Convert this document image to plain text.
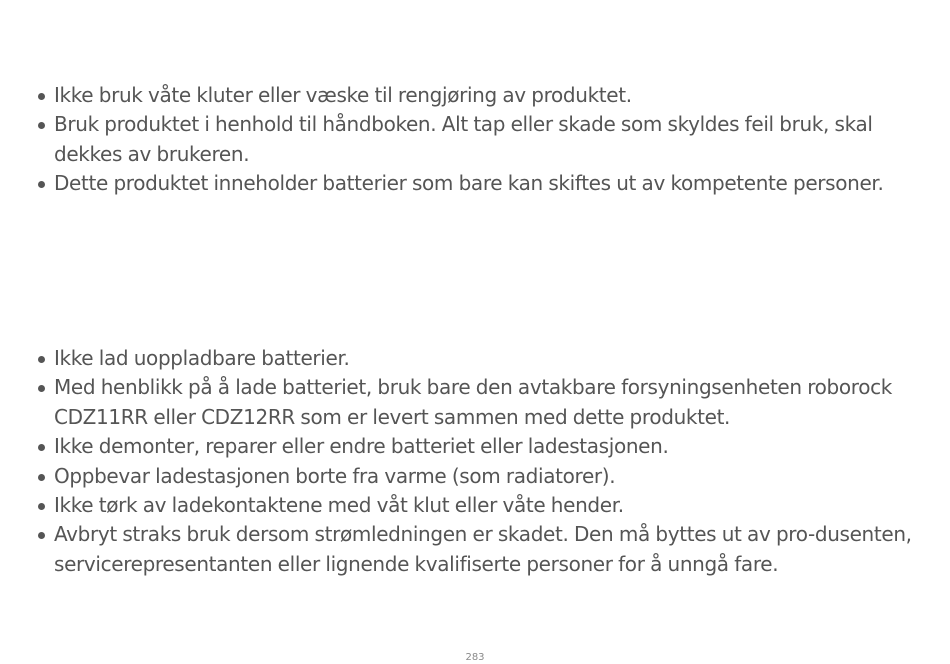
Ikke bruk våte kluter eller væske til rengjøring av produktet.
Bruk produktet i henhold til håndboken. Alt tap eller skade som skyldes feil bruk, skal dekkes av brukeren.
Dette produktet inneholder batterier som bare kan skiftes ut av kompetente personer.
Ikke lad uoppladbare batterier.
Med henblikk på å lade batteriet, bruk bare den avtakbare forsyningsenheten roborock CDZ11RR eller CDZ12RR som er levert sammen med dette produktet.
Ikke demonter, reparer eller endre batteriet eller ladestasjonen.
Oppbevar ladestasjonen borte fra varme (som radiatorer).
Ikke tørk av ladekontaktene med våt klut eller våte hender.
Avbryt straks bruk dersom strømledningen er skadet. Den må byttes ut av pro-dusenten, servicerepresentanten eller lignende kvalifiserte personer for å unngå fare.
283
